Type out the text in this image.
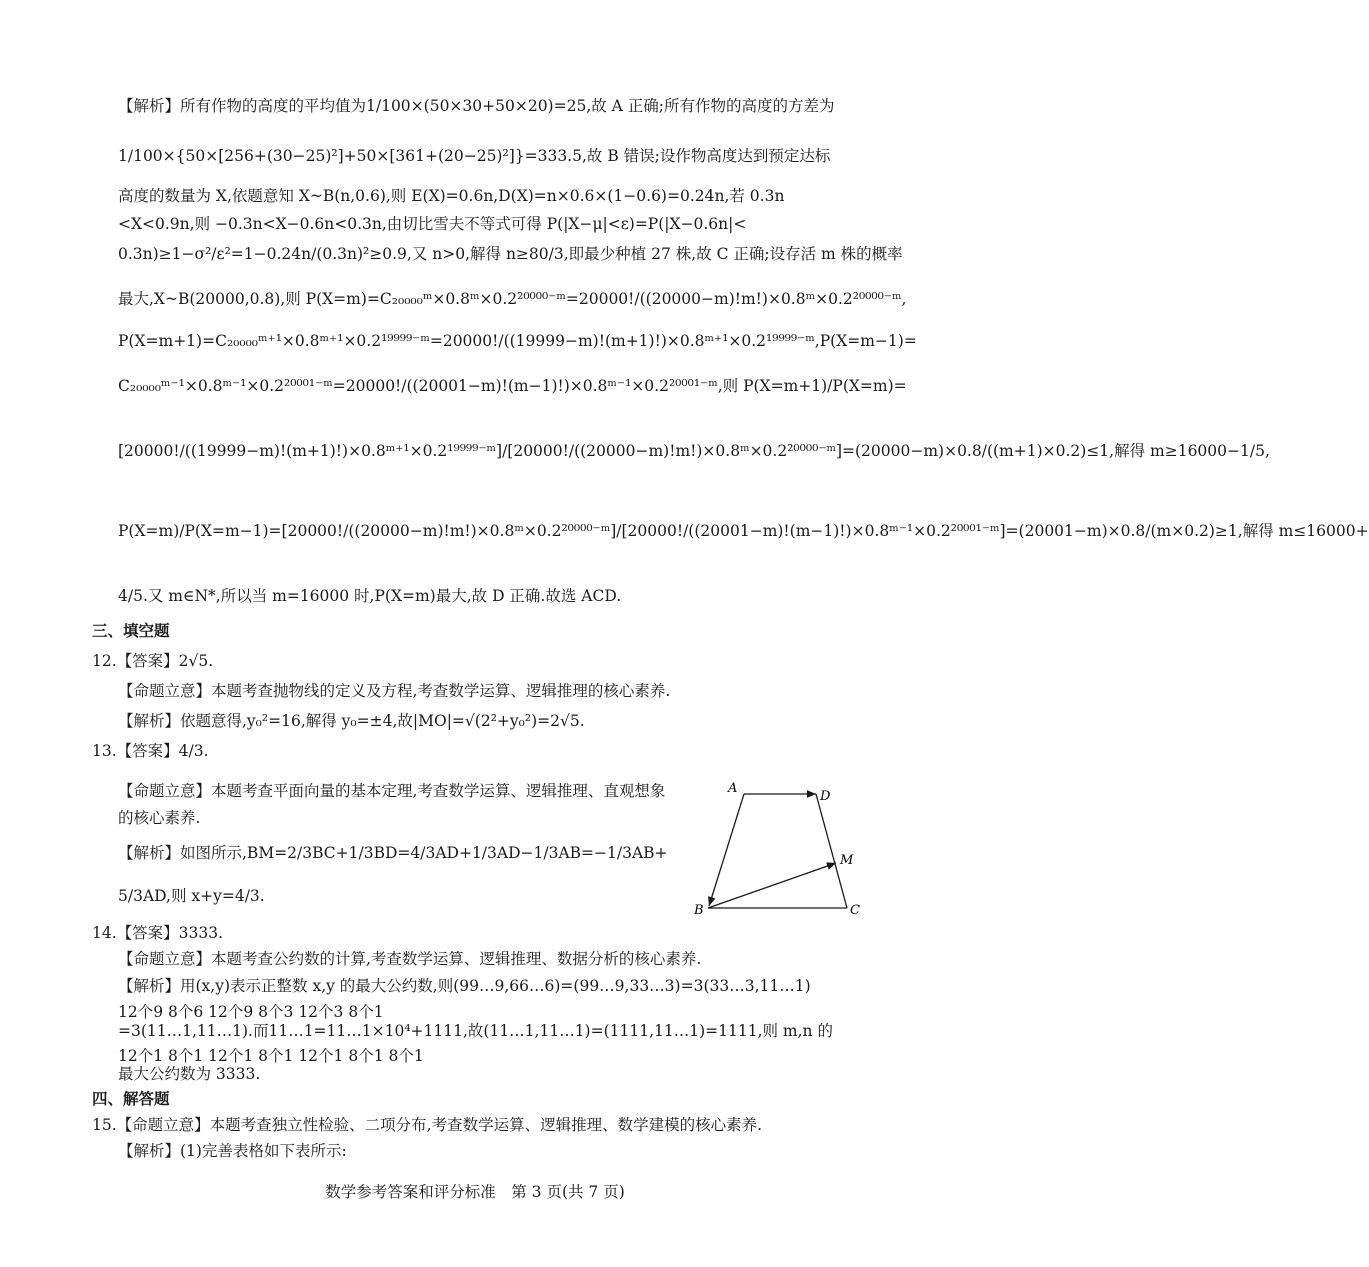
【解析】所有作物的高度的平均值为1/100×(50×30+50×20)=25,故 A 正确;所有作物的高度的方差为
1/100×{50×[256+(30−25)²]+50×[361+(20−25)²]}=333.5,故 B 错误;设作物高度达到预定达标
高度的数量为 X,依题意知 X~B(n,0.6),则 E(X)=0.6n,D(X)=n×0.6×(1−0.6)=0.24n,若 0.3n
<X<0.9n,则 −0.3n<X−0.6n<0.3n,由切比雪夫不等式可得 P(|X−μ|<ε)=P(|X−0.6n|<
0.3n)≥1−σ²/ε²=1−0.24n/(0.3n)²≥0.9,又 n>0,解得 n≥80/3,即最少种植 27 株,故 C 正确;设存活 m 株的概率
最大,X~B(20000,0.8),则 P(X=m)=C₂₀₀₀₀ᵐ×0.8ᵐ×0.2²⁰⁰⁰⁰⁻ᵐ=20000!/((20000−m)!m!)×0.8ᵐ×0.2²⁰⁰⁰⁰⁻ᵐ,
P(X=m+1)=C₂₀₀₀₀ᵐ⁺¹×0.8ᵐ⁺¹×0.2¹⁹⁹⁹⁹⁻ᵐ=20000!/((19999−m)!(m+1)!)×0.8ᵐ⁺¹×0.2¹⁹⁹⁹⁹⁻ᵐ,P(X=m−1)=
C₂₀₀₀₀ᵐ⁻¹×0.8ᵐ⁻¹×0.2²⁰⁰⁰¹⁻ᵐ=20000!/((20001−m)!(m−1)!)×0.8ᵐ⁻¹×0.2²⁰⁰⁰¹⁻ᵐ,则 P(X=m+1)/P(X=m)=
[20000!/((19999−m)!(m+1)!)×0.8ᵐ⁺¹×0.2¹⁹⁹⁹⁹⁻ᵐ]/[20000!/((20000−m)!m!)×0.8ᵐ×0.2²⁰⁰⁰⁰⁻ᵐ]=(20000−m)×0.8/((m+1)×0.2)≤1,解得 m≥16000−1/5,
P(X=m)/P(X=m−1)=[20000!/((20000−m)!m!)×0.8ᵐ×0.2²⁰⁰⁰⁰⁻ᵐ]/[20000!/((20001−m)!(m−1)!)×0.8ᵐ⁻¹×0.2²⁰⁰⁰¹⁻ᵐ]=(20001−m)×0.8/(m×0.2)≥1,解得 m≤16000+
4/5.又 m∈N*,所以当 m=16000 时,P(X=m)最大,故 D 正确.故选 ACD.
三、填空题
12.【答案】2√5.
【命题立意】本题考查抛物线的定义及方程,考查数学运算、逻辑推理的核心素养.
【解析】依题意得,y₀²=16,解得 y₀=±4,故|MO|=√(2²+y₀²)=2√5.
13.【答案】4/3.
【命题立意】本题考查平面向量的基本定理,考查数学运算、逻辑推理、直观想象
的核心素养.
【解析】如图所示,BM=2/3BC+1/3BD=4/3AD+1/3AD−1/3AB=−1/3AB+
5/3AD,则 x+y=4/3.
14.【答案】3333.
【命题立意】本题考查公约数的计算,考查数学运算、逻辑推理、数据分析的核心素养.
【解析】用(x,y)表示正整数 x,y 的最大公约数,则(99…9,66…6)=(99…9,33…3)=3(33…3,11…1)
12个9 8个6 12个9 8个3 12个3 8个1
=3(11…1,11…1).而11…1=11…1×10⁴+1111,故(11…1,11…1)=(1111,11…1)=1111,则 m,n 的
12个1 8个1 12个1 8个1 12个1 8个1 8个1
最大公约数为 3333.
四、解答题
15.【命题立意】本题考查独立性检验、二项分布,考查数学运算、逻辑推理、数学建模的核心素养.
【解析】(1)完善表格如下表所示:
A
D
M
B	C
数学参考答案和评分标准　第 3 页(共 7 页)
